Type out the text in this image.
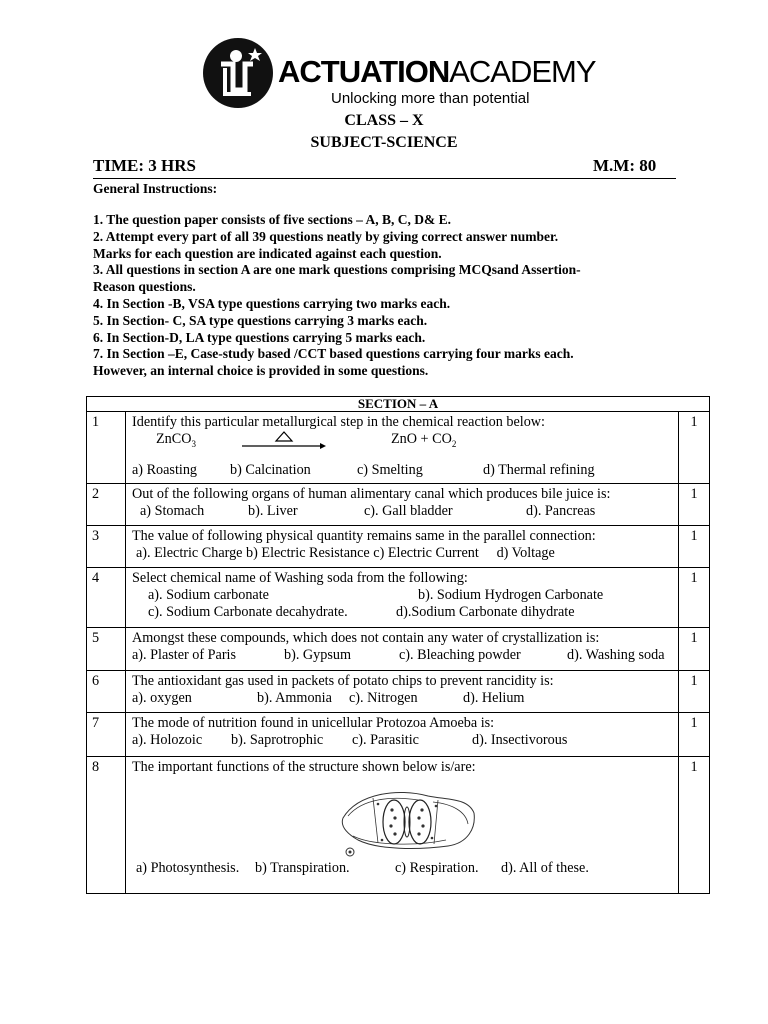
ACTUATIONACADEMY
Unlocking more than potential
CLASS – X
SUBJECT-SCIENCE
TIME: 3 HRS	M.M: 80
General Instructions:
1. The question paper consists of five sections – A, B, C, D& E.
2. Attempt every part of all 39 questions neatly by giving correct answer number.
Marks for each question are indicated against each question.
3. All questions in section A are one mark questions comprising MCQsand Assertion-
Reason questions.
4. In Section -B, VSA type questions carrying two marks each.
5. In Section- C, SA type questions carrying 3 marks each.
6. In Section-D, LA type questions carrying 5 marks each.
7. In Section –E, Case-study based /CCT based questions carrying four marks each.
However, an internal choice is provided in some questions.
SECTION – A		
1	Identify this particular metallurgical step in the chemical reaction below:
ZnCO$_3$ ZnO + $CO_2$
a) Roasting b) Calcination c) Smelting d) Thermal refining	1
2	Out of the following organs of human alimentary canal which produces bile juice is:
a) Stomach b). Liver c). Gall bladder d). Pancreas	1
3	The value of following physical quantity remains same in the parallel connection:
a). Electric Charge b) Electric Resistance c) Electric Current d) Voltage	1
4	Select chemical name of Washing soda from the following:
a). Sodium carbonate b). Sodium Hydrogen Carbonate
c). Sodium Carbonate decahydrate. d).Sodium Carbonate dihydrate	1
5	Amongst these compounds, which does not contain any water of crystallization is:
a). Plaster of Paris b). Gypsum c). Bleaching powder d). Washing soda	1
6	The antioxidant gas used in packets of potato chips to prevent rancidity is:
a). oxygen b). Ammonia c). Nitrogen d). Helium	1
7	The mode of nutrition found in unicellular Protozoa Amoeba is:
a). Holozoic b). Saprotrophic c). Parasitic d). Insectivorous	1
8	The important functions of the structure shown below is/are:
a) Photosynthesis. b) Transpiration. c) Respiration. d). All of these.	1
